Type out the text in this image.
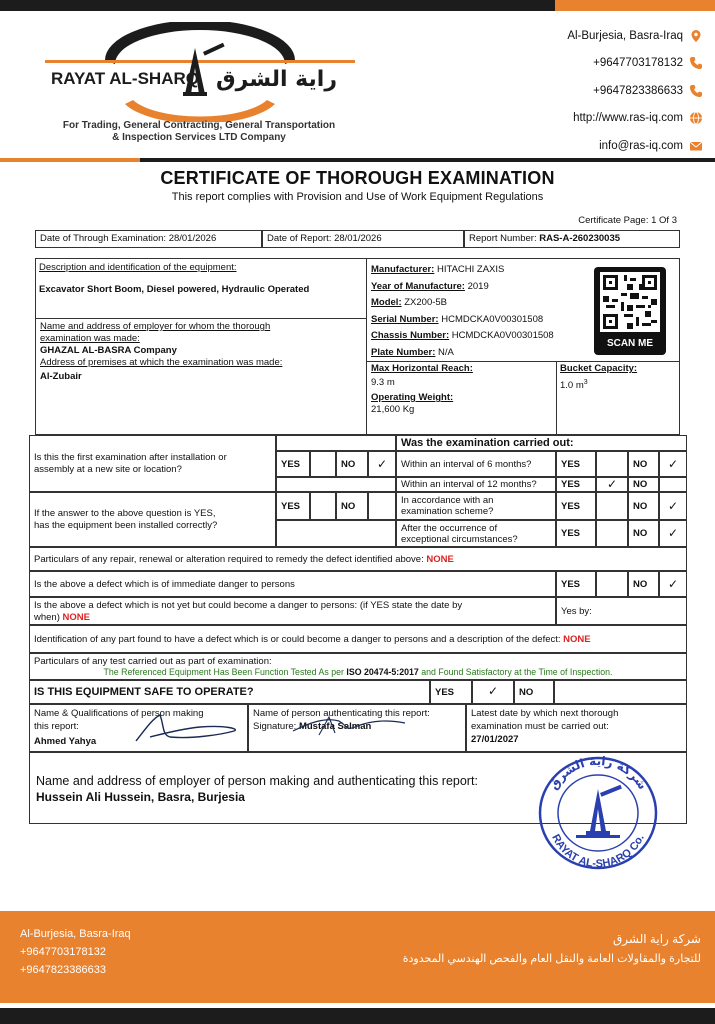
RAYAT AL-SHARQ راية الشرق
For Trading, General Contracting, General Transportation
& Inspection Services LTD Company
Al-Burjesia, Basra-Iraq
+9647703178132
+9647823386633
http://www.ras-iq.com
info@ras-iq.com
CERTIFICATE OF THOROUGH EXAMINATION
This report complies with Provision and Use of Work Equipment Regulations
Certificate Page: 1 Of 3
Date of Through Examination: 28/01/2026	Date of Report: 28/01/2026	Report Number: RAS-A-260230035
Description and identification of the equipment:
Excavator Short Boom, Diesel powered, Hydraulic Operated
Name and address of employer for whom the thorough
examination was made:
GHAZAL AL-BASRA Company
Address of premises at which the examination was made:
Al-Zubair
Manufacturer: HITACHI ZAXIS
Year of Manufacture: 2019
Model: ZX200-5B
Serial Number: HCMDCKA0V00301508
Chassis Number: HCMDCKA0V00301508
Plate Number: N/A
SCAN ME
Max Horizontal Reach:
9.3 m
Operating Weight:
21,600 Kg
Bucket Capacity:
1.0 $m^3$
Is this the first examination after installation or
assembly at a new site or location?
If the answer to the above question is YES,
has the equipment been installed correctly?
YES	NO	✓
YES	NO
Was the examination carried out:
Within an interval of 6 months?	YES	NO	✓
Within an interval of 12 months?	YES	✓	NO
In accordance with an
examination scheme?	YES	NO	✓
After the occurrence of
exceptional circumstances?
YES	NO	✓
Particulars of any repair, renewal or alteration required to remedy the defect identified above: NONE
Is the above a defect which is of immediate danger to persons	YES	NO	✓
Is the above a defect which is not yet but could become a danger to persons: (if YES state the date by
when) NONE
Yes by:
Identification of any part found to have a defect which is or could become a danger to persons and a description of the defect: NONE
Particulars of any test carried out as part of examination:
The Referenced Equipment Has Been Function Tested As per ISO 20474-5:2017 and Found Satisfactory at the Time of Inspection.
IS THIS EQUIPMENT SAFE TO OPERATE?	YES	✓	NO
Name & Qualifications of person making
this report:
Ahmed Yahya
Name of person authenticating this report:
Signature: Mustafa Salman
Latest date by which next thorough
examination must be carried out:
27/01/2027
Name and address of employer of person making and authenticating this report:
Hussein Ali Hussein, Basra, Burjesia
شركة راية الشرق
RAYAT AL-SHARQ Co.
Al-Burjesia, Basra-Iraq
+9647703178132
+9647823386633
شركة راية الشرق
للتجارة والمقاولات العامة والنقل العام والفحص الهندسي المحدودة
